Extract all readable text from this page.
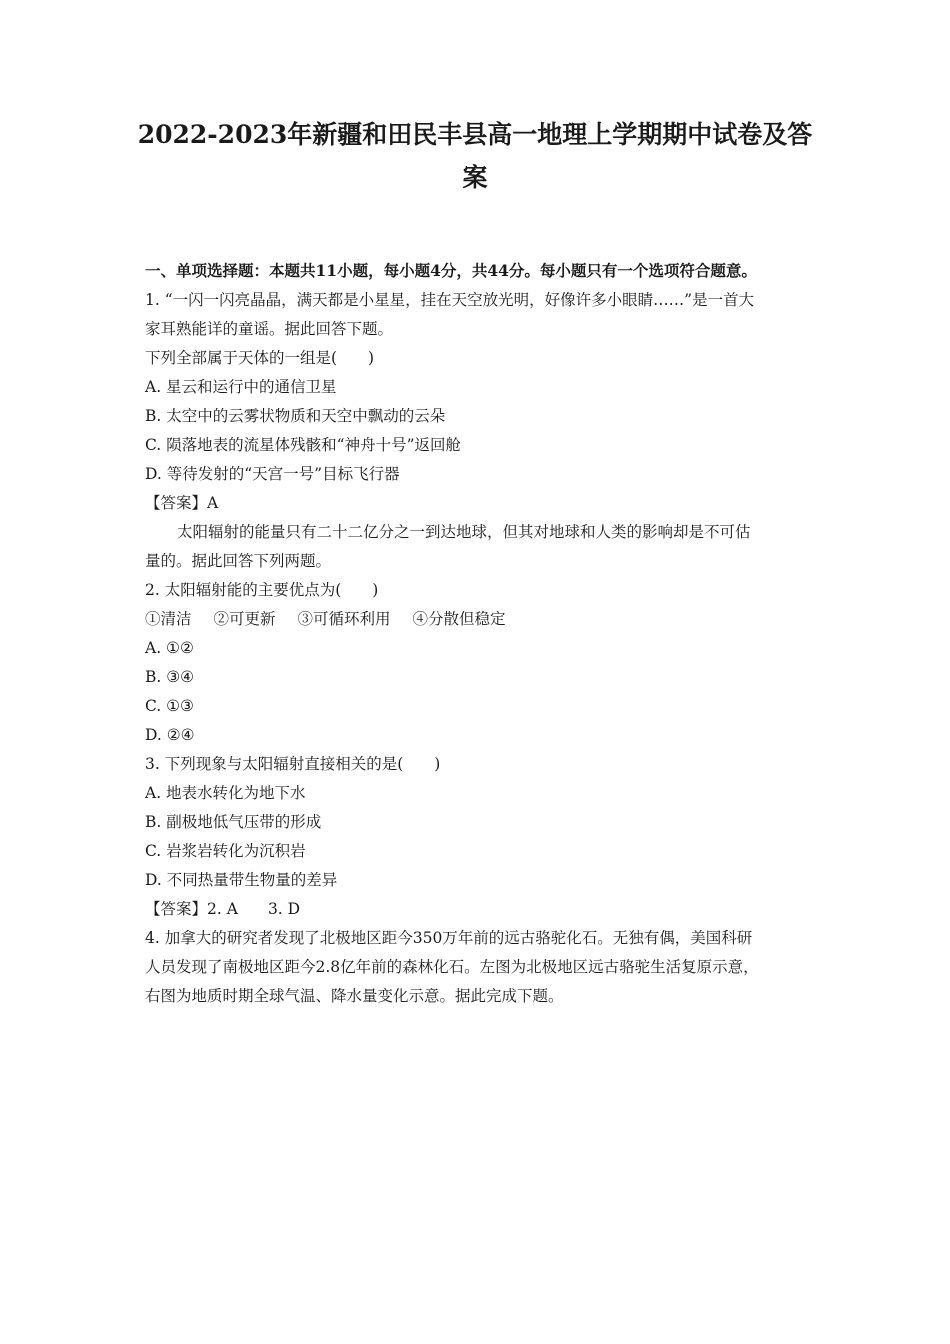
2022-2023年新疆和田民丰县高一地理上学期期中试卷及答
案
一、单项选择题：本题共11小题，每小题4分，共44分。每小题只有一个选项符合题意。
1. “一闪一闪亮晶晶，满天都是小星星，挂在天空放光明，好像许多小眼睛……”是一首大
家耳熟能详的童谣。据此回答下题。
下列全部属于天体的一组是(　　)
A. 星云和运行中的通信卫星
B. 太空中的云雾状物质和天空中飘动的云朵
C. 陨落地表的流星体残骸和“神舟十号”返回舱
D. 等待发射的“天宫一号”目标飞行器
【答案】A
太阳辐射的能量只有二十二亿分之一到达地球，但其对地球和人类的影响却是不可估
量的。据此回答下列两题。
2. 太阳辐射能的主要优点为(　　)
①清洁 ②可更新 ③可循环利用 ④分散但稳定
A. ①②
B. ③④
C. ①③
D. ②④
3. 下列现象与太阳辐射直接相关的是(　　)
A. 地表水转化为地下水
B. 副极地低气压带的形成
C. 岩浆岩转化为沉积岩
D. 不同热量带生物量的差异
【答案】2. A 3. D
4. 加拿大的研究者发现了北极地区距今350万年前的远古骆驼化石。无独有偶，美国科研
人员发现了南极地区距今2.8亿年前的森林化石。左图为北极地区远古骆驼生活复原示意，
右图为地质时期全球气温、降水量变化示意。据此完成下题。
